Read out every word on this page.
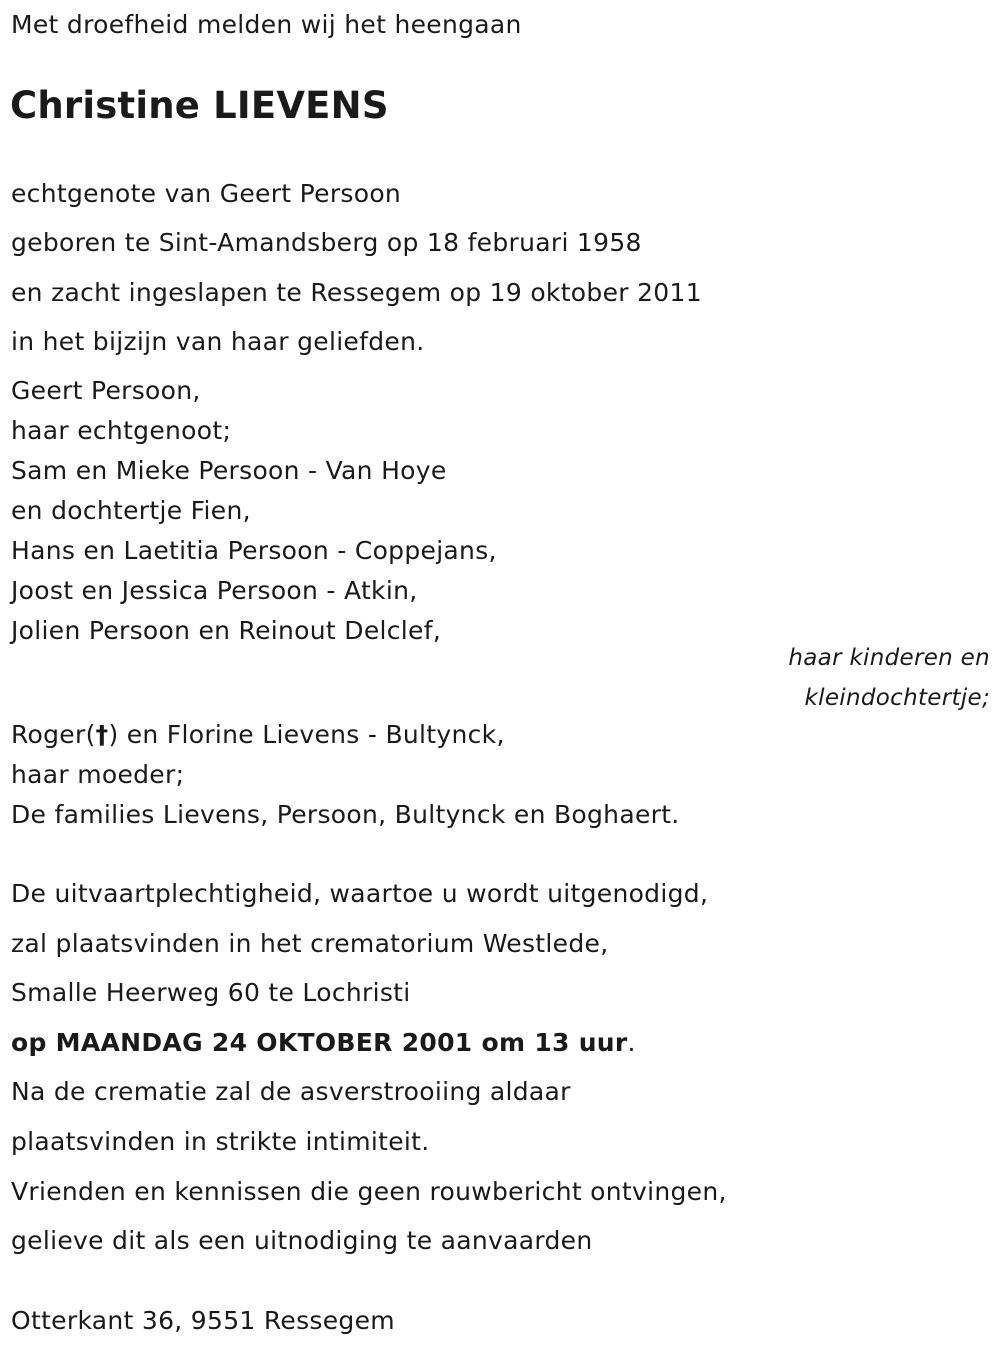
Met droefheid melden wij het heengaan
Christine LIEVENS
echtgenote van Geert Persoon
geboren te Sint-Amandsberg op 18 februari 1958
en zacht ingeslapen te Ressegem op 19 oktober 2011
in het bijzijn van haar geliefden.
Geert Persoon,
haar echtgenoot;
Sam en Mieke Persoon - Van Hoye
en dochtertje Fien,
Hans en Laetitia Persoon - Coppejans,
Joost en Jessica Persoon - Atkin,
Jolien Persoon en Reinout Delclef,
haar kinderen en
kleindochtertje;
Roger(†) en Florine Lievens - Bultynck,
haar moeder;
De families Lievens, Persoon, Bultynck en Boghaert.
De uitvaartplechtigheid, waartoe u wordt uitgenodigd,
zal plaatsvinden in het crematorium Westlede,
Smalle Heerweg 60 te Lochristi
op MAANDAG 24 OKTOBER 2001 om 13 uur.
Na de crematie zal de asverstrooiing aldaar
plaatsvinden in strikte intimiteit.
Vrienden en kennissen die geen rouwbericht ontvingen,
gelieve dit als een uitnodiging te aanvaarden
Otterkant 36, 9551 Ressegem
